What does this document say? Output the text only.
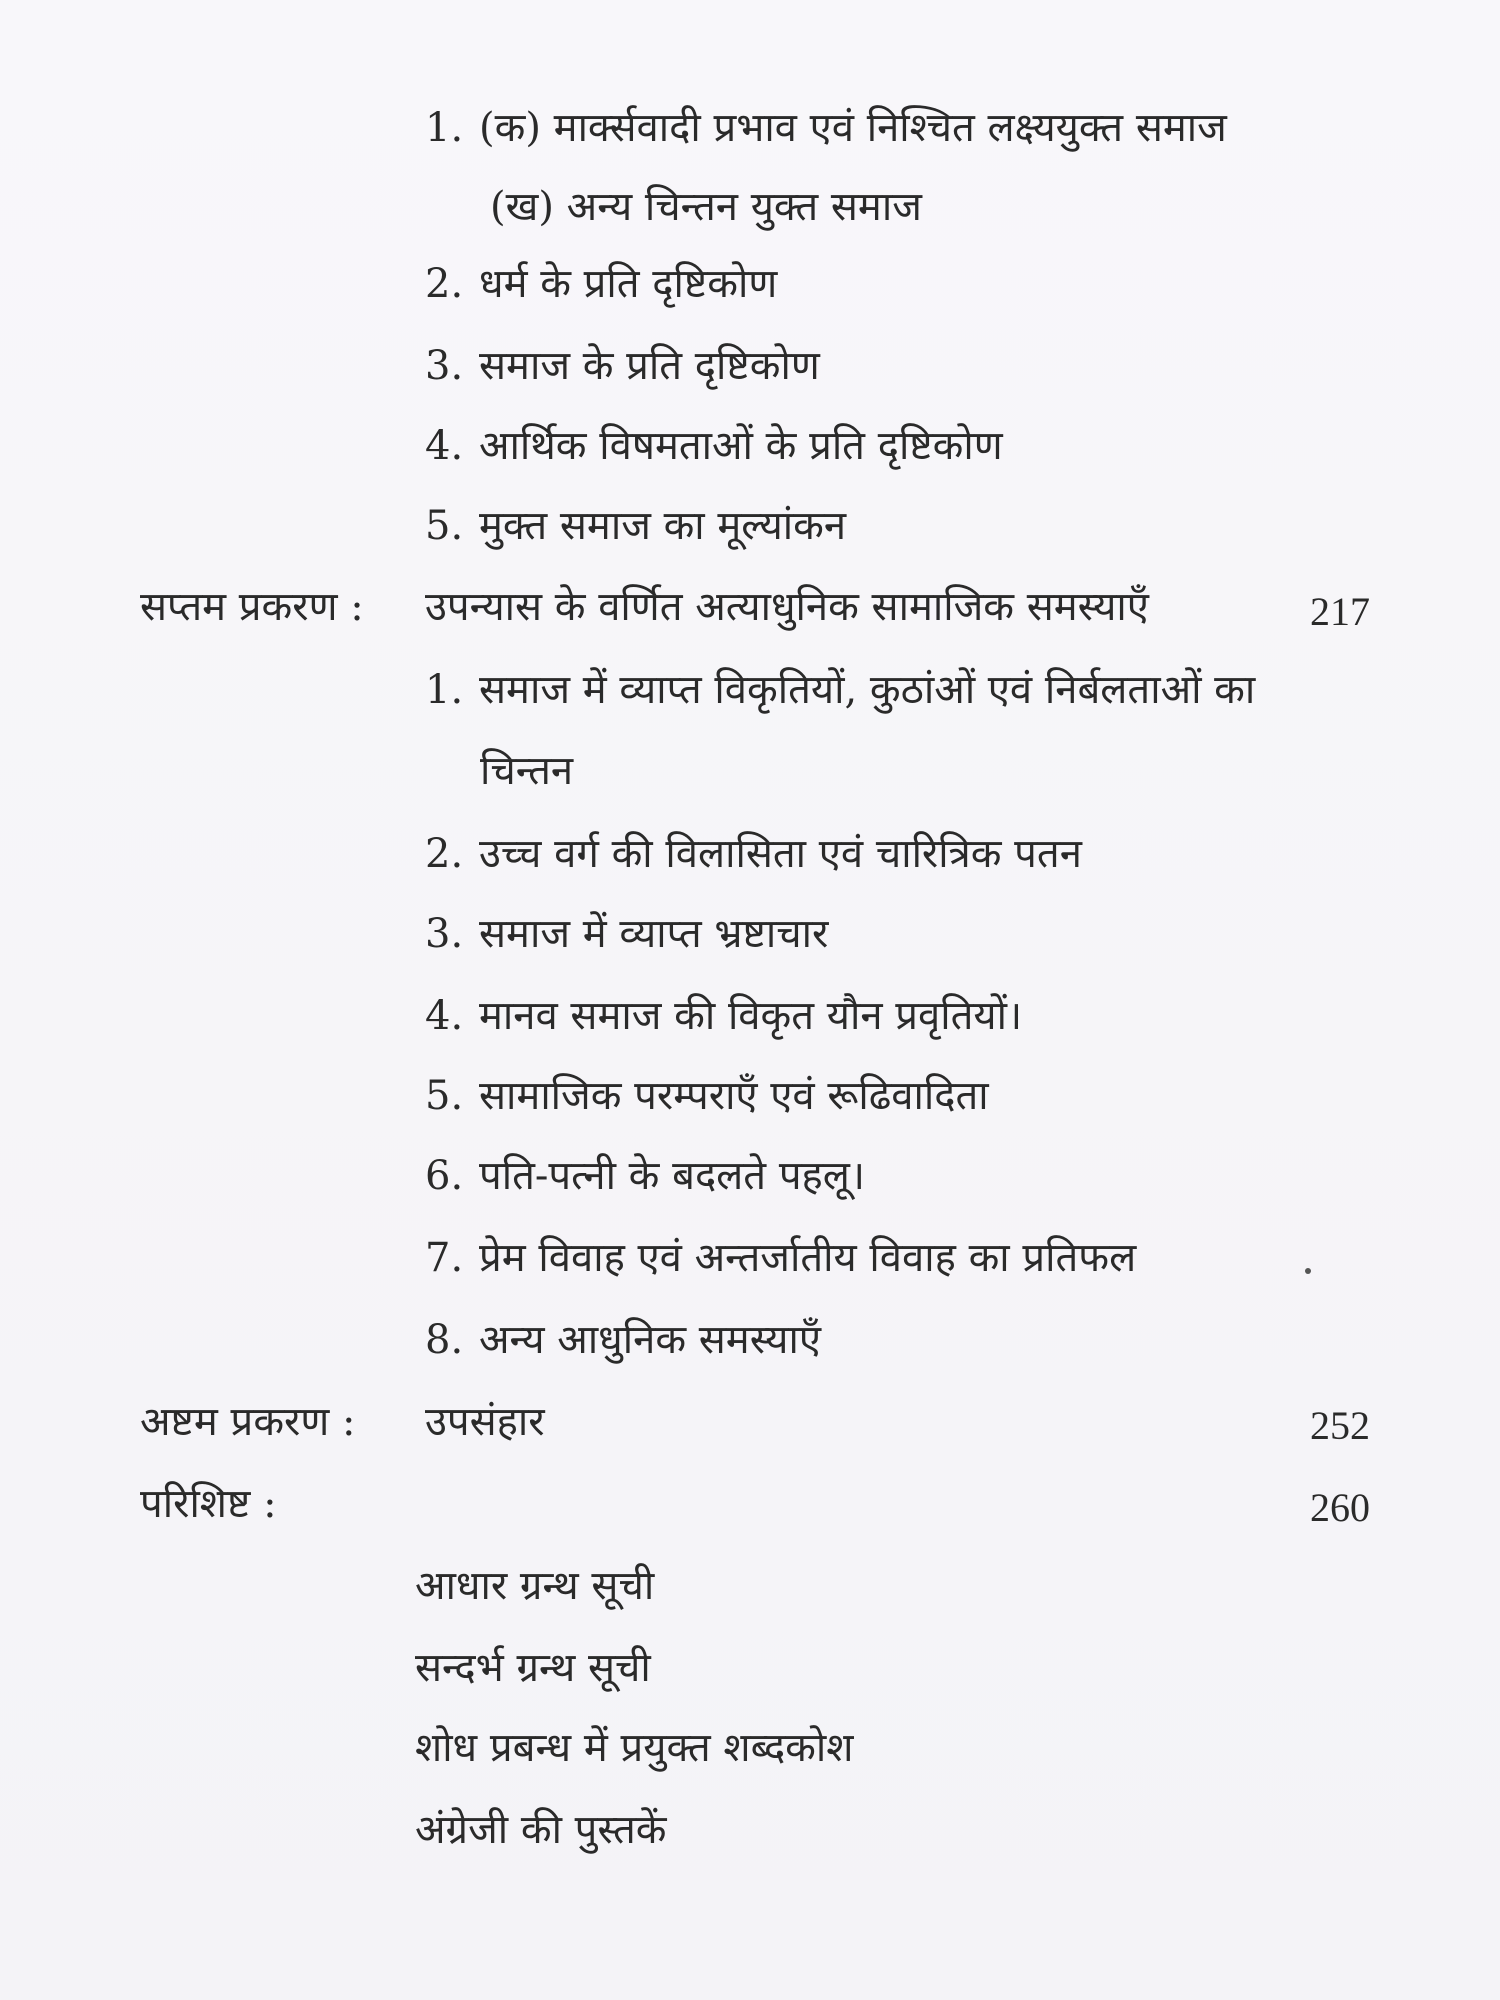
1. (क) मार्क्सवादी प्रभाव एवं निश्चित लक्ष्ययुक्त समाज
(ख) अन्य चिन्तन युक्त समाज
2. धर्म के प्रति दृष्टिकोण
3. समाज के प्रति दृष्टिकोण
4. आर्थिक विषमताओं के प्रति दृष्टिकोण
5. मुक्त समाज का मूल्यांकन
सप्तम प्रकरण : उपन्यास के वर्णित अत्याधुनिक सामाजिक समस्याएँ	217
1. समाज में व्याप्त विकृतियों, कुठांओं एवं निर्बलताओं का
चिन्तन
2. उच्च वर्ग की विलासिता एवं चारित्रिक पतन
3. समाज में व्याप्त भ्रष्टाचार
4. मानव समाज की विकृत यौन प्रवृतियों।
5. सामाजिक परम्पराएँ एवं रूढिवादिता
6. पति-पत्नी के बदलते पहलू।
7. प्रेम विवाह एवं अन्तर्जातीय विवाह का प्रतिफल
8. अन्य आधुनिक समस्याएँ
अष्टम प्रकरण : उपसंहार	252
परिशिष्ट :	260
आधार ग्रन्थ सूची
सन्दर्भ ग्रन्थ सूची
शोध प्रबन्ध में प्रयुक्त शब्दकोश
अंग्रेजी की पुस्तकें
